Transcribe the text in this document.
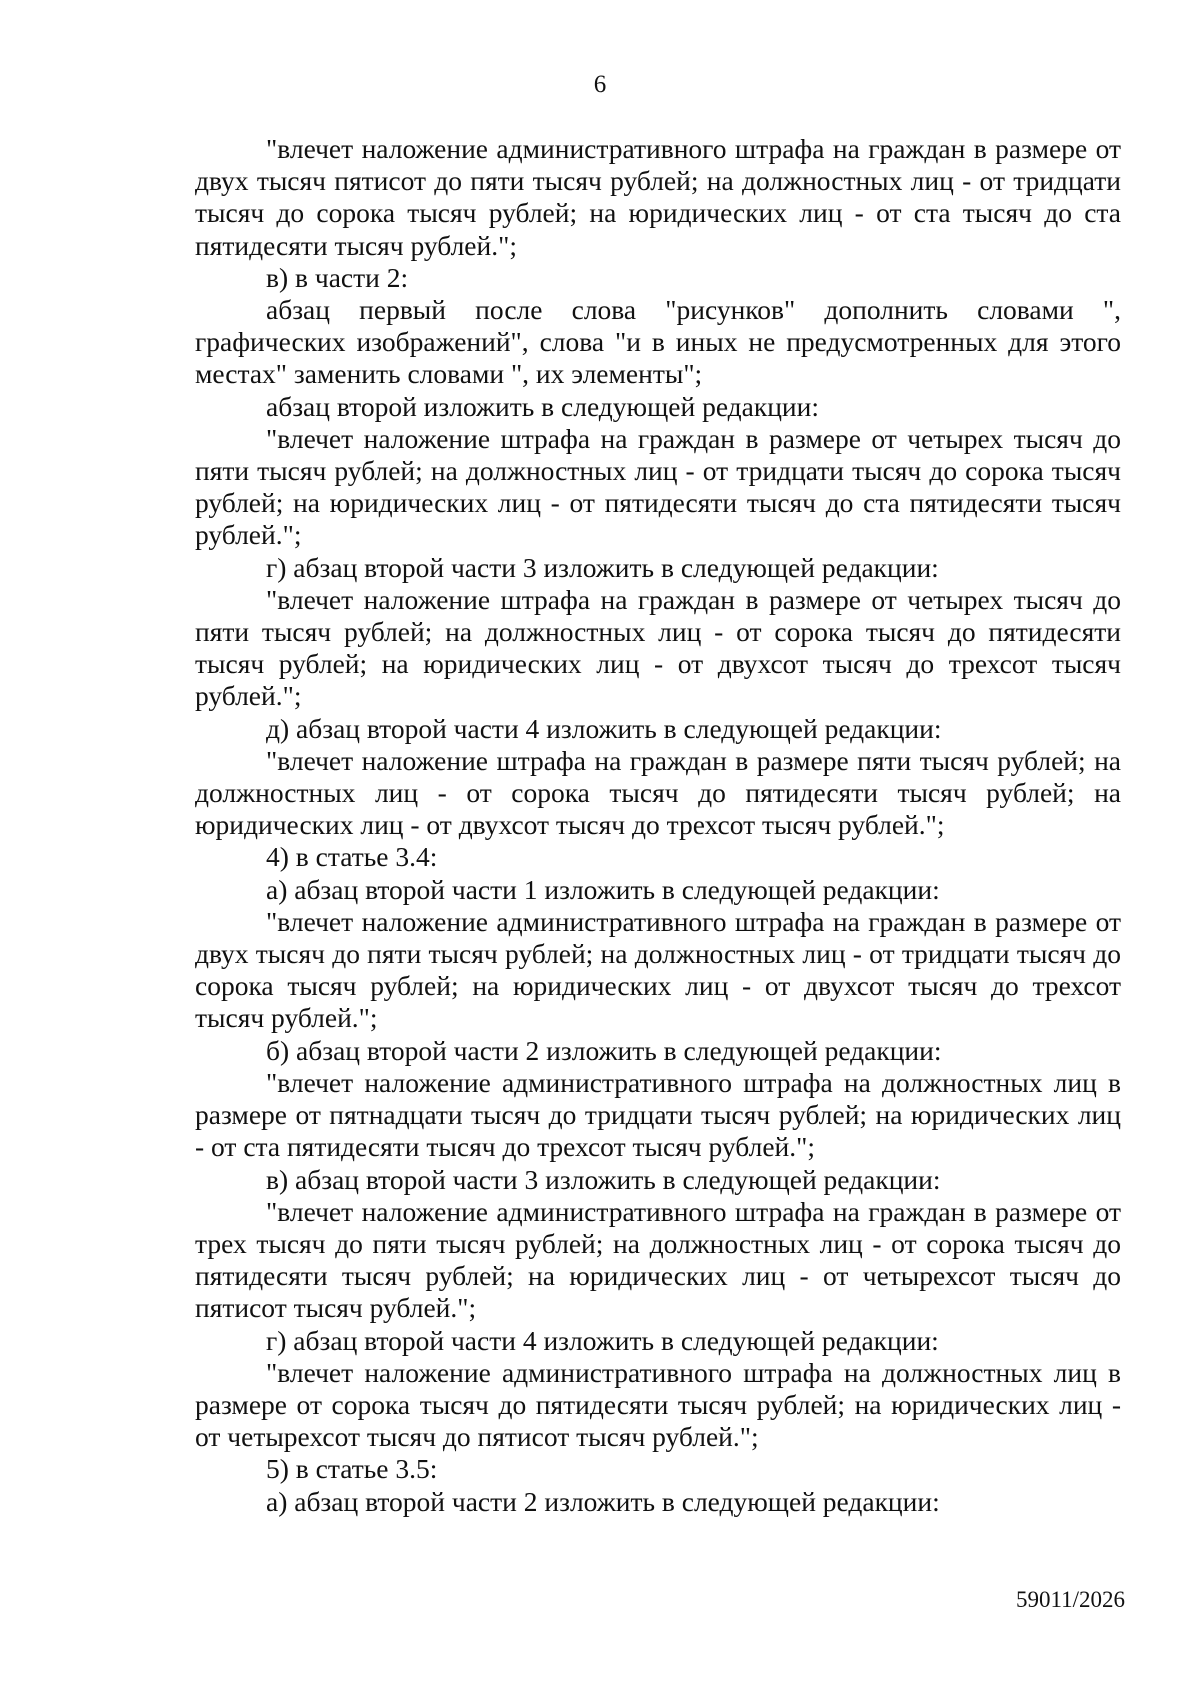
6

"влечет наложение административного штрафа на граждан в размере от двух тысяч пятисот до пяти тысяч рублей; на должностных лиц - от тридцати тысяч до сорока тысяч рублей; на юридических лиц - от ста тысяч до ста пятидесяти тысяч рублей.";

в) в части 2:

абзац первый после слова "рисунков" дополнить словами ", графических изображений", слова "и в иных не предусмотренных для этого местах" заменить словами ", их элементы";

абзац второй изложить в следующей редакции:

"влечет наложение штрафа на граждан в размере от четырех тысяч до пяти тысяч рублей; на должностных лиц - от тридцати тысяч до сорока тысяч рублей; на юридических лиц - от пятидесяти тысяч до ста пятидесяти тысяч рублей.";

г) абзац второй части 3 изложить в следующей редакции:

"влечет наложение штрафа на граждан в размере от четырех тысяч до пяти тысяч рублей; на должностных лиц - от сорока тысяч до пятидесяти тысяч рублей; на юридических лиц - от двухсот тысяч до трехсот тысяч рублей.";

д) абзац второй части 4 изложить в следующей редакции:

"влечет наложение штрафа на граждан в размере пяти тысяч рублей; на должностных лиц - от сорока тысяч до пятидесяти тысяч рублей; на юридических лиц - от двухсот тысяч до трехсот тысяч рублей.";

4) в статье 3.4:

а) абзац второй части 1 изложить в следующей редакции:

"влечет наложение административного штрафа на граждан в размере от двух тысяч до пяти тысяч рублей; на должностных лиц - от тридцати тысяч до сорока тысяч рублей; на юридических лиц - от двухсот тысяч до трехсот тысяч рублей.";

б) абзац второй части 2 изложить в следующей редакции:

"влечет наложение административного штрафа на должностных лиц в размере от пятнадцати тысяч до тридцати тысяч рублей; на юридических лиц - от ста пятидесяти тысяч до трехсот тысяч рублей.";

в) абзац второй части 3 изложить в следующей редакции:

"влечет наложение административного штрафа на граждан в размере от трех тысяч до пяти тысяч рублей; на должностных лиц - от сорока тысяч до пятидесяти тысяч рублей; на юридических лиц - от четырехсот тысяч до пятисот тысяч рублей.";

г) абзац второй части 4 изложить в следующей редакции:

"влечет наложение административного штрафа на должностных лиц в размере от сорока тысяч до пятидесяти тысяч рублей; на юридических лиц - от четырехсот тысяч до пятисот тысяч рублей.";

5) в статье 3.5:

а) абзац второй части 2 изложить в следующей редакции:

59011/2026
